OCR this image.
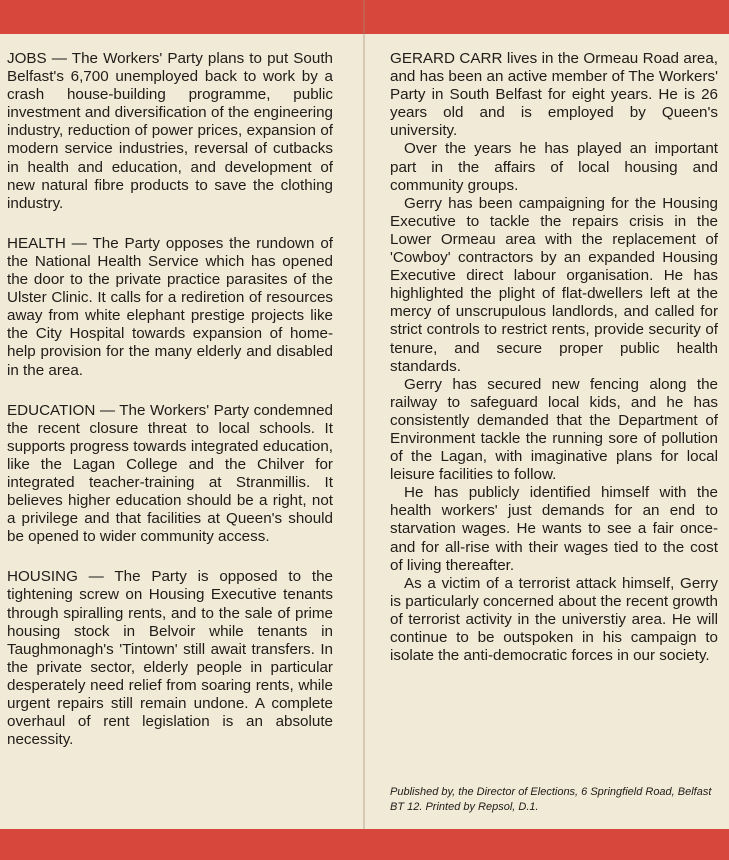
JOBS — The Workers' Party plans to put South Belfast's 6,700 unemployed back to work by a crash house-building programme, public investment and diversification of the engineering industry, reduction of power prices, expansion of modern service industries, reversal of cutbacks in health and education, and development of new natural fibre products to save the clothing industry.

HEALTH — The Party opposes the rundown of the National Health Service which has opened the door to the private practice parasites of the Ulster Clinic. It calls for a rediretion of resources away from white elephant prestige projects like the City Hospital towards expansion of home-help provision for the many elderly and disabled in the area.

EDUCATION — The Workers' Party condemned the recent closure threat to local schools. It supports progress towards integrated education, like the Lagan College and the Chilver for integrated teacher-training at Stranmillis. It believes higher education should be a right, not a privilege and that facilities at Queen's should be opened to wider community access.

HOUSING — The Party is opposed to the tightening screw on Housing Executive tenants through spiralling rents, and to the sale of prime housing stock in Belvoir while tenants in Taughmonagh's 'Tintown' still await transfers. In the private sector, elderly people in particular desperately need relief from soaring rents, while urgent repairs still remain undone. A complete overhaul of rent legislation is an absolute necessity.

GERARD CARR lives in the Ormeau Road area, and has been an active member of The Workers' Party in South Belfast for eight years. He is 26 years old and is employed by Queen's university.

Over the years he has played an important part in the affairs of local housing and community groups.

Gerry has been campaigning for the Housing Executive to tackle the repairs crisis in the Lower Ormeau area with the replacement of 'Cowboy' contractors by an expanded Housing Executive direct labour organisation. He has highlighted the plight of flat-dwellers left at the mercy of unscrupulous landlords, and called for strict controls to restrict rents, provide security of tenure, and secure proper public health standards.

Gerry has secured new fencing along the railway to safeguard local kids, and he has consistently demanded that the Department of Environment tackle the running sore of pollution of the Lagan, with imaginative plans for local leisure facilities to follow.

He has publicly identified himself with the health workers' just demands for an end to starvation wages. He wants to see a fair once-and for all-rise with their wages tied to the cost of living thereafter.

As a victim of a terrorist attack himself, Gerry is particularly concerned about the recent growth of terrorist activity in the universtiy area. He will continue to be outspoken in his campaign to isolate the anti-democratic forces in our society.

Published by, the Director of Elections, 6 Springfield Road, Belfast BT 12. Printed by Repsol, D.1.
